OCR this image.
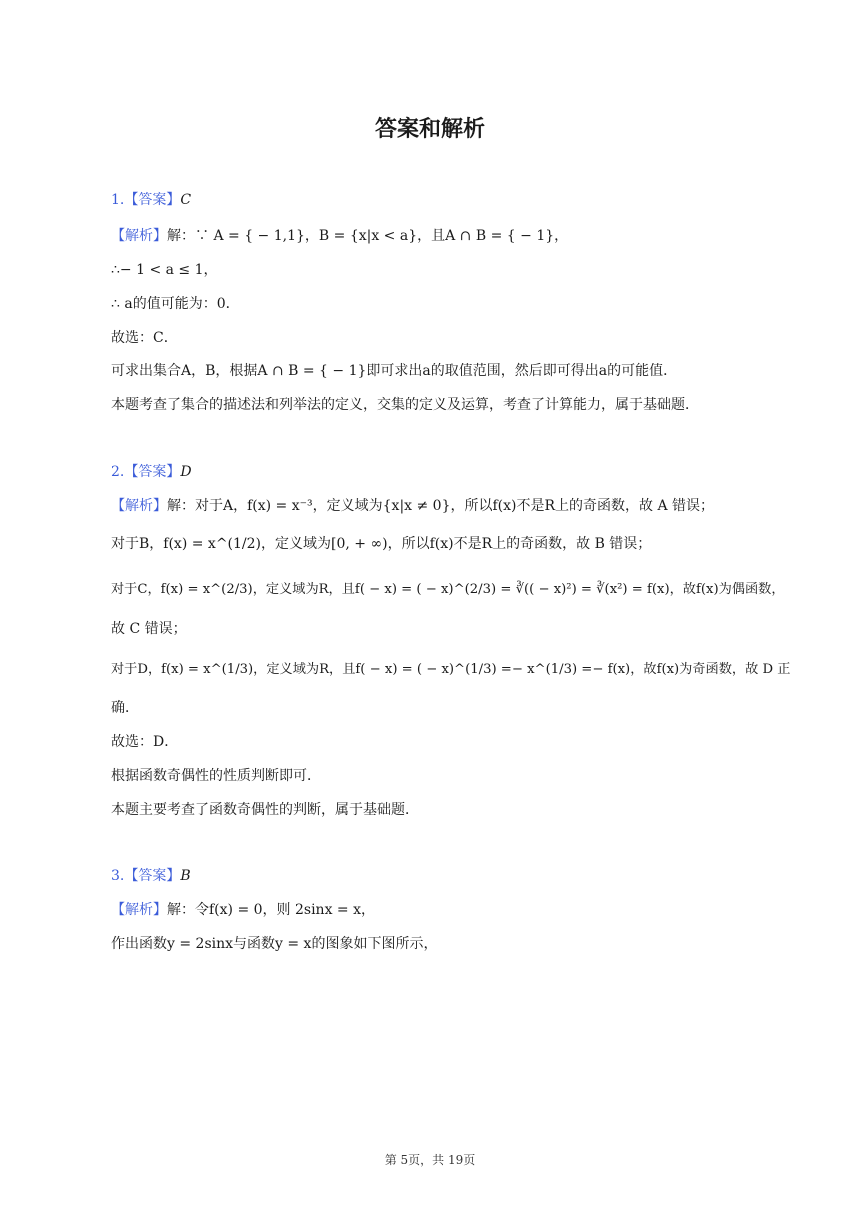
答案和解析
1.【答案】C
【解析】解：∵ A = { − 1,1}，B = {x|x < a}，且A ∩ B = { − 1}，
∴− 1 < a ≤ 1，
∴ a的值可能为：0．
故选：C．
可求出集合A，B，根据A ∩ B = { − 1}即可求出a的取值范围，然后即可得出a的可能值．
本题考查了集合的描述法和列举法的定义，交集的定义及运算，考查了计算能力，属于基础题．
2.【答案】D
【解析】解：对于A，f(x) = x⁻³，定义域为{x|x ≠ 0}，所以f(x)不是R上的奇函数，故 A 错误；
对于B，f(x) = x^(1/2)，定义域为[0, + ∞)，所以f(x)不是R上的奇函数，故 B 错误；
对于C，f(x) = x^(2/3)，定义域为R，且f( − x) = ( − x)^(2/3) = ∛(( − x)²) = ∛(x²) = f(x)，故f(x)为偶函数，
故 C 错误；
对于D，f(x) = x^(1/3)，定义域为R，且f( − x) = ( − x)^(1/3) =− x^(1/3) =− f(x)，故f(x)为奇函数，故 D 正
确．
故选：D．
根据函数奇偶性的性质判断即可．
本题主要考查了函数奇偶性的判断，属于基础题．
3.【答案】B
【解析】解：令f(x) = 0，则 2sinx = x，
作出函数y = 2sinx与函数y = x的图象如下图所示，
第 5页，共 19页
